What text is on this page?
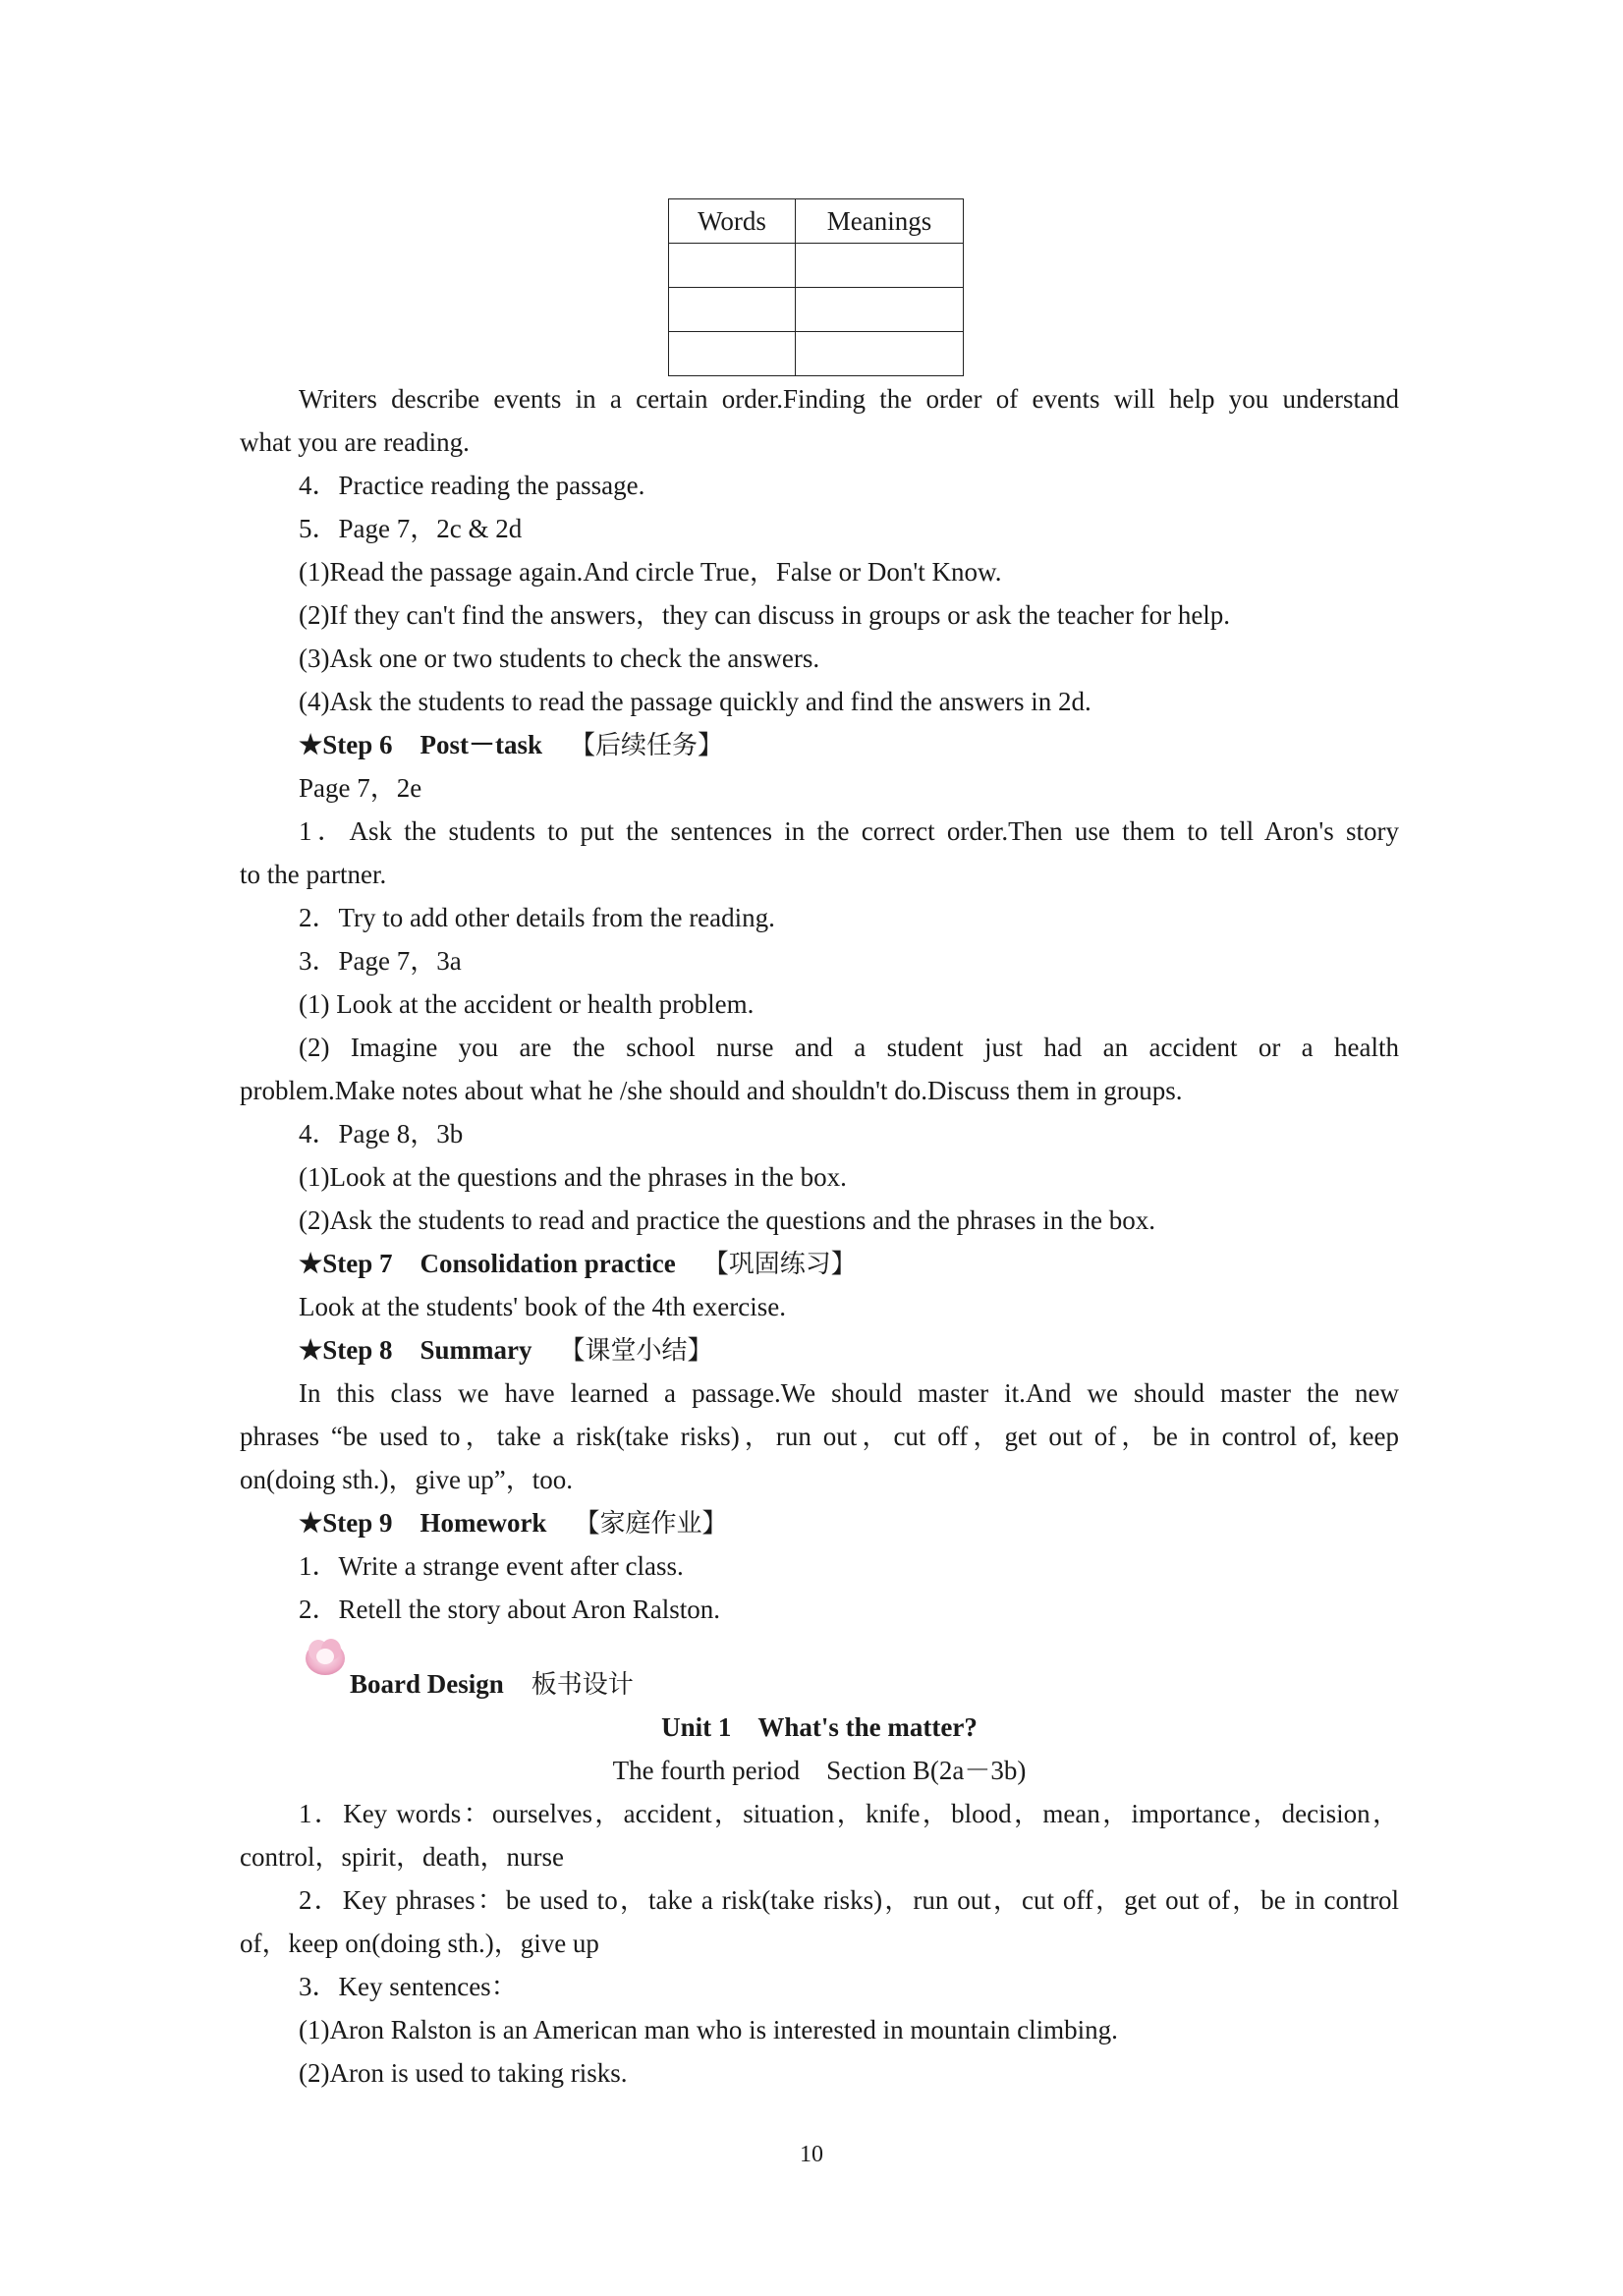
Words	Meanings

Writers describe events in a certain order.Finding the order of events will help you understand
what you are reading.
4．Practice reading the passage.
5．Page 7，2c & 2d
(1)Read the passage again.And circle True，False or Don't Know.
(2)If they can't find the answers，they can discuss in groups or ask the teacher for help.
(3)Ask one or two students to check the answers.
(4)Ask the students to read the passage quickly and find the answers in 2d.
★Step 6 Post－task 【后续任务】
Page 7，2e
1．Ask the students to put the sentences in the correct order.Then use them to tell Aron's story
to the partner.
2．Try to add other details from the reading.
3．Page 7，3a
(1) Look at the accident or health problem.
(2) Imagine you are the school nurse and a student just had an accident or a health
problem.Make notes about what he /she should and shouldn't do.Discuss them in groups.
4．Page 8，3b
(1)Look at the questions and the phrases in the box.
(2)Ask the students to read and practice the questions and the phrases in the box.
★Step 7 Consolidation practice 【巩固练习】
Look at the students' book of the 4th exercise.
★Step 8 Summary 【课堂小结】
In this class we have learned a passage.We should master it.And we should master the new
phrases “be used to，take a risk(take risks)，run out，cut off，get out of，be in control of, keep
on(doing sth.)，give up”，too.
★Step 9 Homework 【家庭作业】
1．Write a strange event after class.
2．Retell the story about Aron Ralston.
Board Design 板书设计
Unit 1　What's the matter?
The fourth period　Section B(2a－3b)
1．Key words：ourselves，accident，situation，knife，blood，mean，importance，decision，
control，spirit，death，nurse
2．Key phrases：be used to，take a risk(take risks)，run out，cut off，get out of，be in control
of，keep on(doing sth.)，give up
3．Key sentences：
(1)Aron Ralston is an American man who is interested in mountain climbing.
(2)Aron is used to taking risks.
10
